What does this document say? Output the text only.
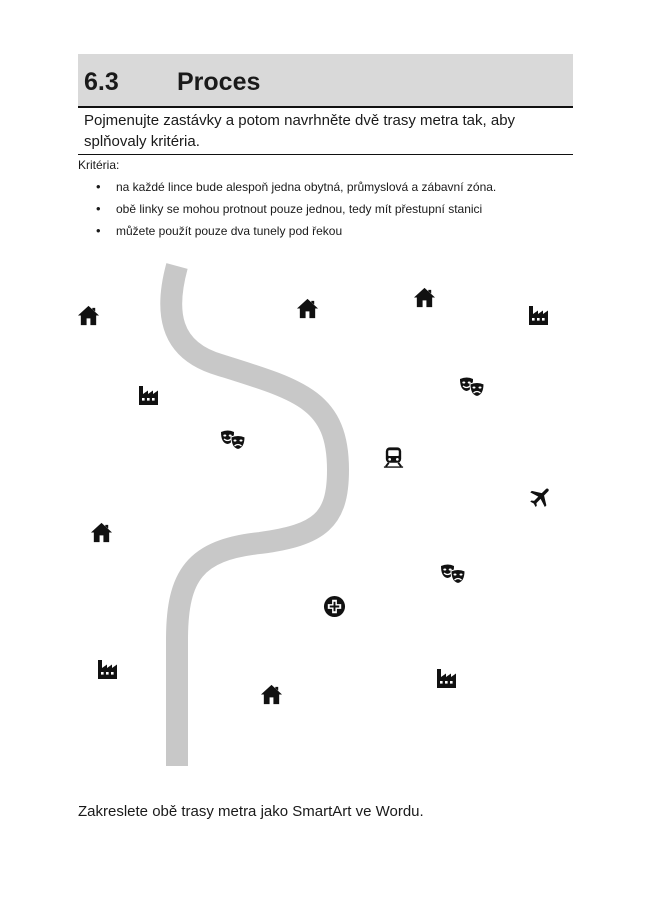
6.3 Proces

Pojmenujte zastávky a potom navrhněte dvě trasy metra tak, aby splňovaly kritéria.

Kritéria:
• na každé lince bude alespoň jedna obytná, průmyslová a zábavní zóna.
• obě linky se mohou protnout pouze jednou, tedy mít přestupní stanici
• můžete použít pouze dva tunely pod řekou
Zakreslete obě trasy metra jako SmartArt ve Wordu.
